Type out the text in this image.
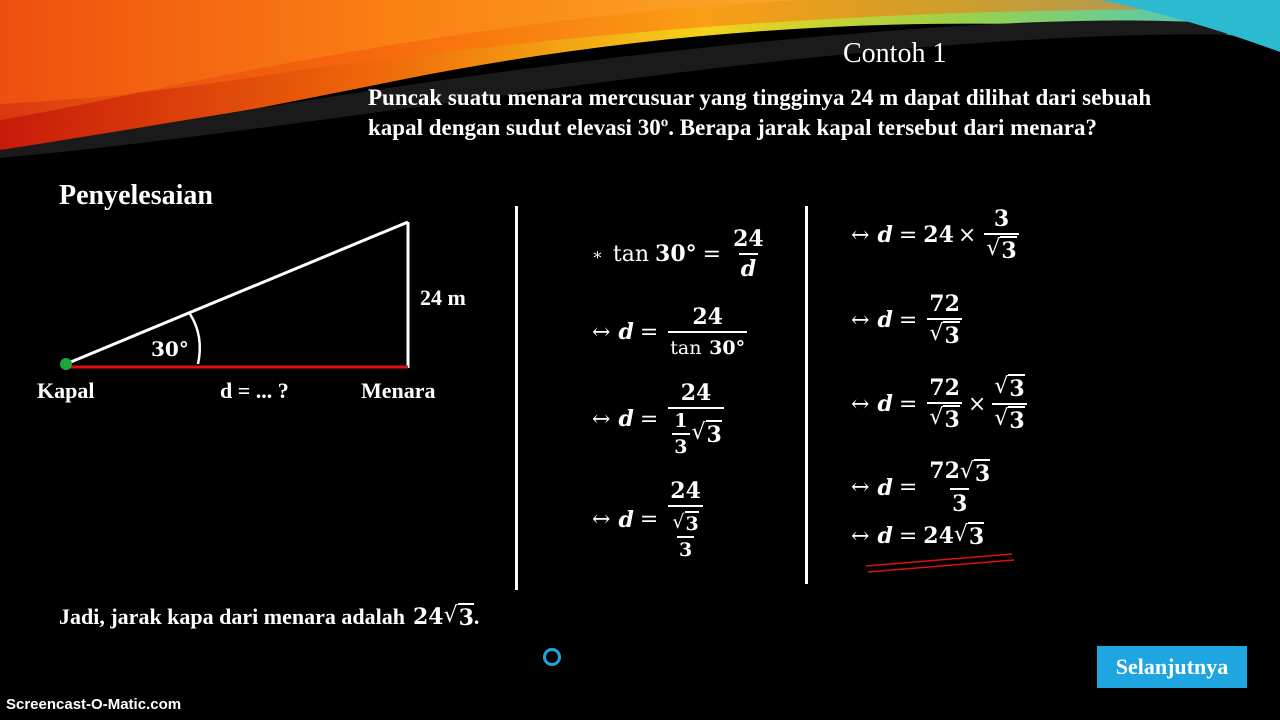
Contoh 1
Puncak suatu menara mercusuar yang tingginya 24 m dapat dilihat dari sebuah
kapal dengan sudut elevasi 30º. Berapa jarak kapal tersebut dari menara?
Penyelesaian
24 m
30°
Kapal	d = ... ?	Menara
∗ $\tan 30^\circ = \frac{24}{d}$
↔ $d = \frac{24}{\tan 30^\circ}$
↔ $d = \frac{24}{\frac{1}{3} √ 3}$
↔ $d = \frac{24}{\frac{√ 3}{3}}$
↔ $d = 24 \times \frac{3}{√ 3}$
↔ $d = \frac{72}{√ 3}$
↔ $d = \frac{72}{√ 3} \times \frac{√ 3}{√ 3}$
↔ $d = \frac{72 √ 3}{3}$
↔ d = 24 √ 3
Jadi, jarak kapa dari menara adalah 24 √ 3 .
Selanjutnya
Screencast-O-Matic.com
